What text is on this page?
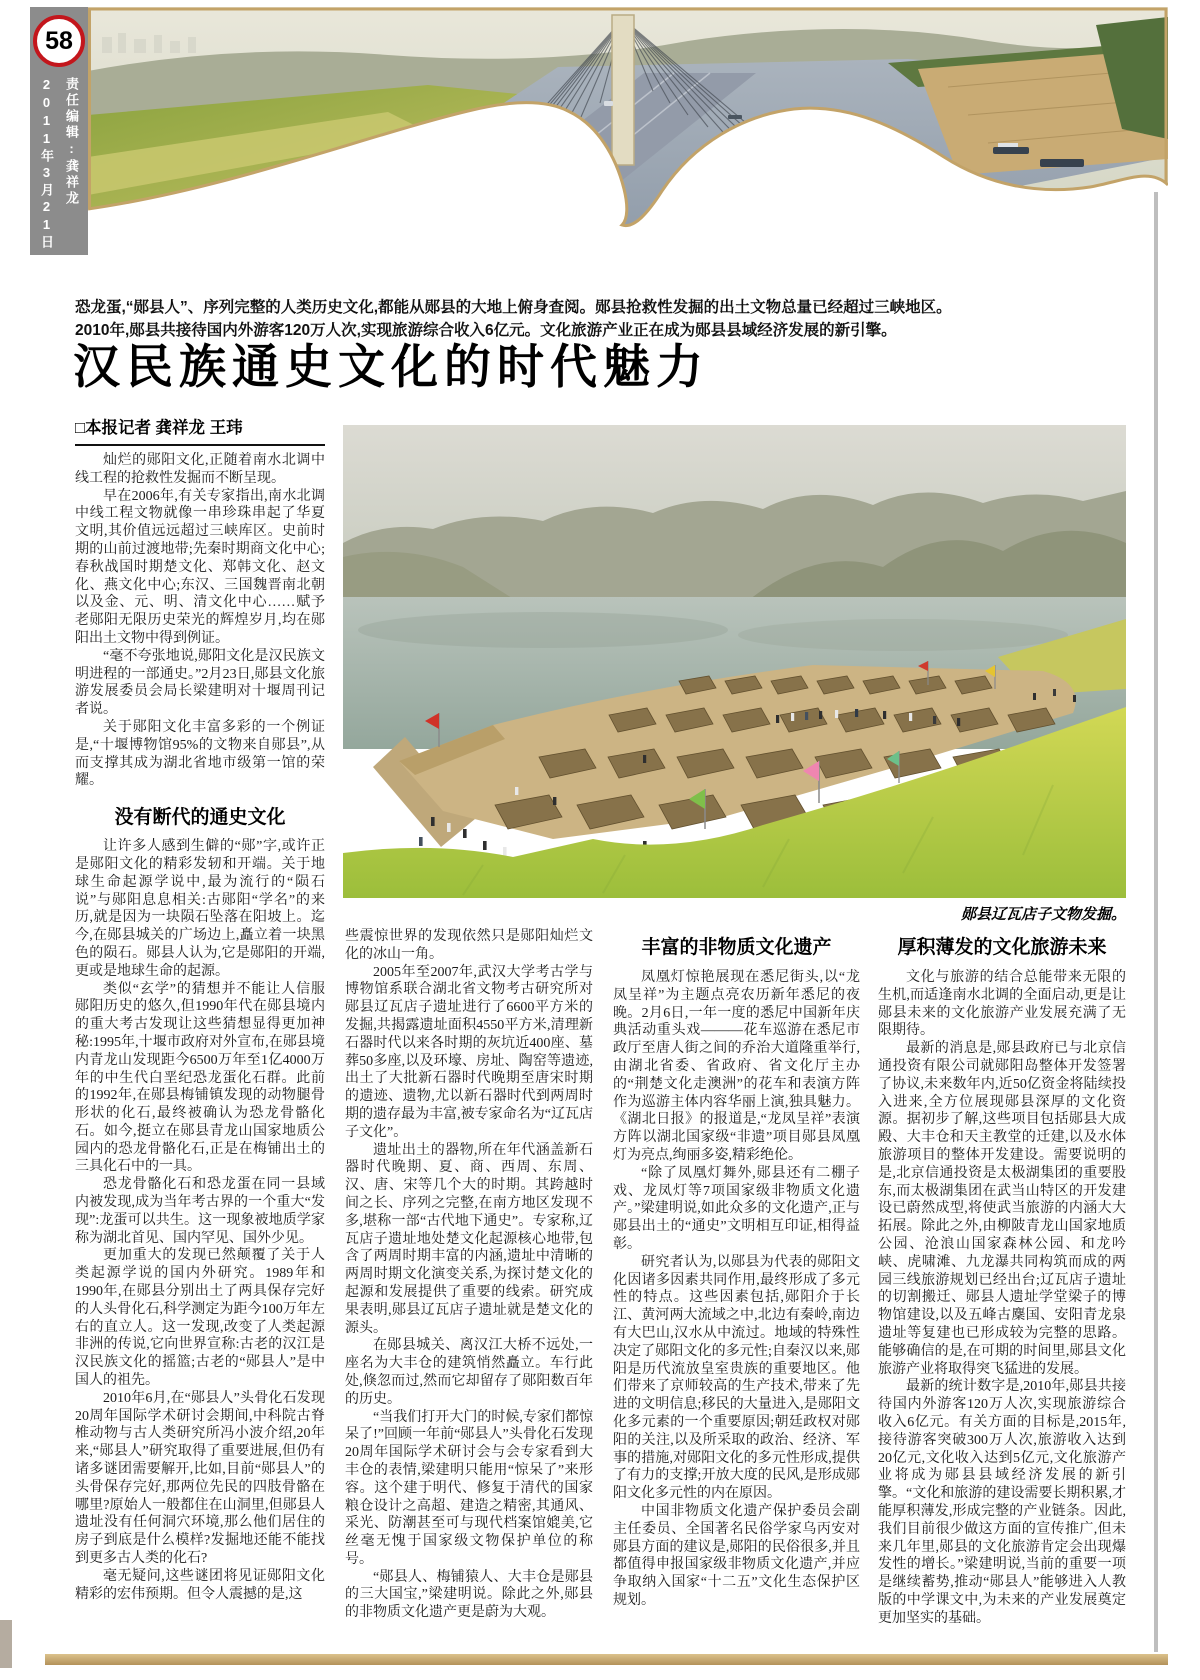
58
责任编辑:龚祥龙
2011年3月21日

恐龙蛋,“郧县人”、序列完整的人类历史文化,都能从郧县的大地上俯身查阅。郧县抢救性发掘的出土文物总量已经超过三峡地区。

2010年,郧县共接待国内外游客120万人次,实现旅游综合收入6亿元。文化旅游产业正在成为郧县县域经济发展的新引擎。

汉民族通史文化的时代魅力
□本报记者 龚祥龙 王玮
郧县辽瓦店子文物发掘。

灿烂的郧阳文化,正随着南水北调中线工程的抢救性发掘而不断呈现。

早在2006年,有关专家指出,南水北调中线工程文物就像一串珍珠串起了华夏文明,其价值远远超过三峡库区。史前时期的山前过渡地带;先秦时期商文化中心;春秋战国时期楚文化、郑韩文化、赵文化、燕文化中心;东汉、三国魏晋南北朝以及金、元、明、清文化中心……赋予老郧阳无限历史荣光的辉煌岁月,均在郧阳出土文物中得到例证。

“毫不夸张地说,郧阳文化是汉民族文明进程的一部通史。”2月23日,郧县文化旅游发展委员会局长梁建明对十堰周刊记者说。

关于郧阳文化丰富多彩的一个例证是,“十堰博物馆95%的文物来自郧县”,从而支撑其成为湖北省地市级第一馆的荣耀。

没有断代的通史文化

让许多人感到生僻的“郧”字,或许正是郧阳文化的精彩发轫和开端。关于地球生命起源学说中,最为流行的“陨石说”与郧阳息息相关:古郧阳“学名”的来历,就是因为一块陨石坠落在阳坡上。迄今,在郧县城关的广场边上,矗立着一块黑色的陨石。郧县人认为,它是郧阳的开端,更或是地球生命的起源。

类似“玄学”的猜想并不能让人信服郧阳历史的悠久,但1990年代在郧县境内的重大考古发现让这些猜想显得更加神秘:1995年,十堰市政府对外宣布,在郧县境内青龙山发现距今6500万年至1亿4000万年的中生代白垩纪恐龙蛋化石群。此前的1992年,在郧县梅铺镇发现的动物腿骨形状的化石,最终被确认为恐龙骨骼化石。如今,挺立在郧县青龙山国家地质公园内的恐龙骨骼化石,正是在梅铺出土的三具化石中的一具。

恐龙骨骼化石和恐龙蛋在同一县域内被发现,成为当年考古界的一个重大“发现”:龙蛋可以共生。这一现象被地质学家称为湖北首见、国内罕见、国外少见。

更加重大的发现已然颠覆了关于人类起源学说的国内外研究。1989年和1990年,在郧县分别出土了两具保存完好的人头骨化石,科学测定为距今100万年左右的直立人。这一发现,改变了人类起源非洲的传说,它向世界宣称:古老的汉江是汉民族文化的摇篮;古老的“郧县人”是中国人的祖先。

2010年6月,在“郧县人”头骨化石发现20周年国际学术研讨会期间,中科院古脊椎动物与古人类研究所冯小波介绍,20年来,“郧县人”研究取得了重要进展,但仍有诸多谜团需要解开,比如,目前“郧县人”的头骨保存完好,那两位先民的四肢骨骼在哪里?原始人一般都住在山洞里,但郧县人遗址没有任何洞穴环境,那么他们居住的房子到底是什么模样?发掘地还能不能找到更多古人类的化石?

毫无疑问,这些谜团将见证郧阳文化精彩的宏伟预期。但令人震撼的是,这

些震惊世界的发现依然只是郧阳灿烂文化的冰山一角。

2005年至2007年,武汉大学考古学与博物馆系联合湖北省文物考古研究所对郧县辽瓦店子遗址进行了6600平方米的发掘,共揭露遗址面积4550平方米,清理新石器时代以来各时期的灰坑近400座、墓葬50多座,以及环壕、房址、陶窑等遗迹,出土了大批新石器时代晚期至唐宋时期的遗迹、遗物,尤以新石器时代到两周时期的遗存最为丰富,被专家命名为“辽瓦店子文化”。

遗址出土的器物,所在年代涵盖新石器时代晚期、夏、商、西周、东周、汉、唐、宋等几个大的时期。其跨越时间之长、序列之完整,在南方地区发现不多,堪称一部“古代地下通史”。专家称,辽瓦店子遗址地处楚文化起源核心地带,包含了两周时期丰富的内涵,遗址中清晰的两周时期文化演变关系,为探讨楚文化的起源和发展提供了重要的线索。研究成果表明,郧县辽瓦店子遗址就是楚文化的源头。

在郧县城关、离汉江大桥不远处,一座名为大丰仓的建筑悄然矗立。车行此处,倏忽而过,然而它却留存了郧阳数百年的历史。

“当我们打开大门的时候,专家们都惊呆了!”回顾一年前“郧县人”头骨化石发现20周年国际学术研讨会与会专家看到大丰仓的表情,梁建明只能用“惊呆了”来形容。这个建于明代、修复于清代的国家粮仓设计之高超、建造之精密,其通风、采光、防潮甚至可与现代档案馆媲美,它丝毫无愧于国家级文物保护单位的称号。

“郧县人、梅铺猿人、大丰仓是郧县的三大国宝,”梁建明说。除此之外,郧县的非物质文化遗产更是蔚为大观。

丰富的非物质文化遗产

凤凰灯惊艳展现在悉尼街头,以“龙凤呈祥”为主题点亮农历新年悉尼的夜晚。2月6日,一年一度的悉尼中国新年庆典活动重头戏———花车巡游在悉尼市政厅至唐人街之间的乔治大道隆重举行,由湖北省委、省政府、省文化厅主办的“荆楚文化走澳洲”的花车和表演方阵作为巡游主体内容华丽上演,独具魅力。《湖北日报》的报道是,“龙凤呈祥”表演方阵以湖北国家级“非遗”项目郧县凤凰灯为亮点,绚丽多姿,精彩绝伦。

“除了凤凰灯舞外,郧县还有二棚子戏、龙凤灯等7项国家级非物质文化遗产。”梁建明说,如此众多的文化遗产,正与郧县出土的“通史”文明相互印证,相得益彰。

研究者认为,以郧县为代表的郧阳文化因诸多因素共同作用,最终形成了多元性的特点。这些因素包括,郧阳介于长江、黄河两大流域之中,北边有秦岭,南边有大巴山,汉水从中流过。地域的特殊性决定了郧阳文化的多元性;自秦汉以来,郧阳是历代流放皇室贵族的重要地区。他们带来了京师较高的生产技术,带来了先进的文明信息;移民的大量进入,是郧阳文化多元素的一个重要原因;朝廷政权对郧阳的关注,以及所采取的政治、经济、军事的措施,对郧阳文化的多元性形成,提供了有力的支撑;开放大度的民风,是形成郧阳文化多元性的内在原因。

中国非物质文化遗产保护委员会副主任委员、全国著名民俗学家乌丙安对郧县方面的建议是,郧阳的民俗很多,并且都值得申报国家级非物质文化遗产,并应争取纳入国家“十二五”文化生态保护区规划。

厚积薄发的文化旅游未来

文化与旅游的结合总能带来无限的生机,而适逢南水北调的全面启动,更是让郧县未来的文化旅游产业发展充满了无限期待。

最新的消息是,郧县政府已与北京信通投资有限公司就郧阳岛整体开发签署了协议,未来数年内,近50亿资金将陆续投入进来,全方位展现郧县深厚的文化资源。据初步了解,这些项目包括郧县大成殿、大丰仓和天主教堂的迁建,以及水体旅游项目的整体开发建设。需要说明的是,北京信通投资是太极湖集团的重要股东,而太极湖集团在武当山特区的开发建设已蔚然成型,将使武当旅游的内涵大大拓展。除此之外,由柳陂青龙山国家地质公园、沧浪山国家森林公园、和龙吟峡、虎啸滩、九龙瀑共同构筑而成的两园三线旅游规划已经出台;辽瓦店子遗址的切割搬迁、郧县人遗址学堂梁子的博物馆建设,以及五峰古麇国、安阳青龙泉遗址等复建也已形成较为完整的思路。能够确信的是,在可期的时间里,郧县文化旅游产业将取得突飞猛进的发展。

最新的统计数字是,2010年,郧县共接待国内外游客120万人次,实现旅游综合收入6亿元。有关方面的目标是,2015年,接待游客突破300万人次,旅游收入达到20亿元,文化收入达到5亿元,文化旅游产业将成为郧县县域经济发展的新引擎。“文化和旅游的建设需要长期积累,才能厚积薄发,形成完整的产业链条。因此,我们目前很少做这方面的宣传推广,但未来几年里,郧县的文化旅游肯定会出现爆发性的增长。”梁建明说,当前的重要一项是继续蓄势,推动“郧县人”能够进入人教版的中学课文中,为未来的产业发展奠定更加坚实的基础。
